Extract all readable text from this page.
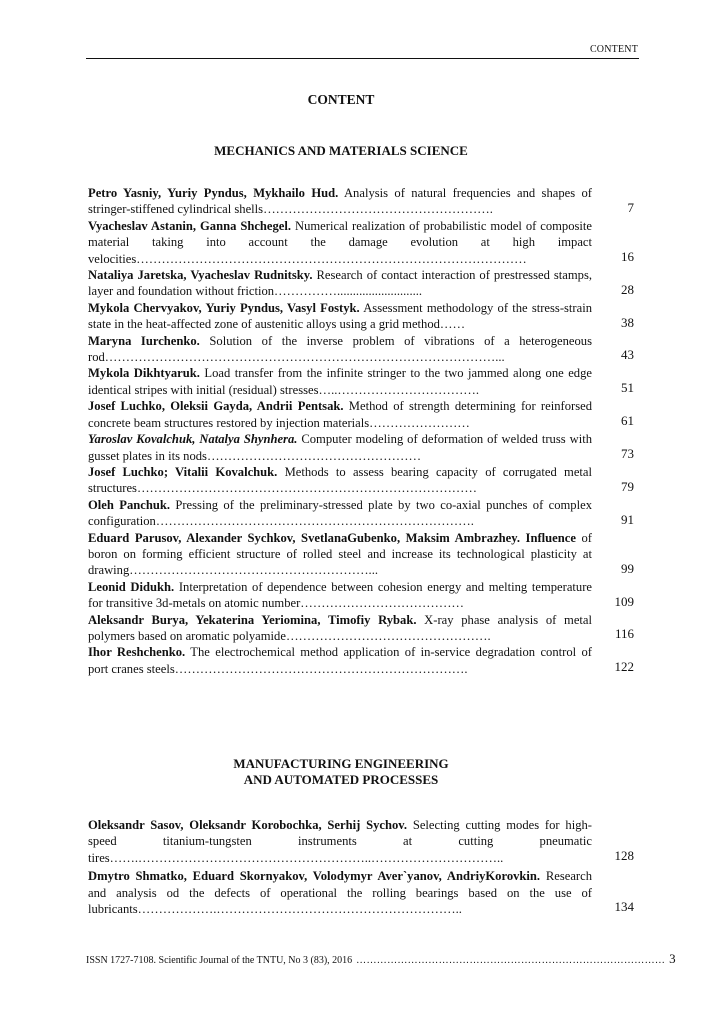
CONTENT
CONTENT
MECHANICS AND MATERIALS SCIENCE
Petro Yasniy, Yuriy Pyndus, Mykhailo Hud. Analysis of natural frequencies and shapes of stringer-stiffened cylindrical shells……………………………………………….	7
Vyacheslav Astanin, Ganna Shchegel. Numerical realization of probabilistic model of composite material taking into account the damage evolution at high impact velocities…………………………………………………………………………………	16
Nataliya Jaretska, Vyacheslav Rudnitsky. Research of contact interaction of prestressed stamps, layer and foundation without friction……………...........................	28
Mykola Chervyakov, Yuriy Pyndus, Vasyl Fostyk. Assessment methodology of the stress-strain state in the heat-affected zone of austenitic alloys using a grid method……	38
Maryna Iurchenko. Solution of the inverse problem of vibrations of a heterogeneous rod…………………………………………………………………………………...	43
Mykola Dikhtyaruk. Load transfer from the infinite stringer to the two jammed along one edge identical stripes with initial (residual) stresses…..…………………………….	51
Josef Luchko, Oleksii Gayda, Andrii Pentsak. Method of strength determining for reinforsed concrete beam structures restored by injection materials……………………	61
Yaroslav Kovalchuk, Natalya Shynhera. Computer modeling of deformation of welded truss with gusset plates in its nods……………………………………………	73
Josef Luchko; Vitalii Kovalchuk. Methods to assess bearing capacity of corrugated metal structures………………………………………………………………………	79
Oleh Panchuk. Pressing of the preliminary-stressed plate by two co-axial punches of complex configuration………………………………………………………………….	91
Eduard Parusov, Alexander Sychkov, SvetlanaGubenko, Maksim Ambrazhey. Influence of boron on forming efficient structure of rolled steel and increase its technological plasticity at drawing…………………………………………………...	99
Leonid Didukh. Interpretation of dependence between cohesion energy and melting temperature for transitive 3d-metals on atomic number…………………………………	109
Aleksandr Burya, Yekaterina Yeriomina, Timofiy Rybak. X-ray phase analysis of metal polymers based on aromatic polyamide………………………………………….	116
Ihor Reshchenko. The electrochemical method application of in-service degradation control of port cranes steels…………………………………………………………….	122
MANUFACTURING ENGINEERING
AND AUTOMATED PROCESSES
Oleksandr Sasov, Oleksandr Korobochka, Serhij Sychov. Selecting cutting modes for high-speed titanium-tungsten instruments at cutting pneumatic tires…….………………………………………………..…………………………..	128
Dmytro Shmatko, Eduard Skornyakov, Volodymyr Aver`yanov, AndriyKorovkin. Research and analysis od the defects of operational the rolling bearings based on the use of lubricants……………….…………………………………………………..	134
ISSN 1727-7108. Scientific Journal of the TNTU, No 3 (83), 2016 ……………………………………………………………………………… 3
